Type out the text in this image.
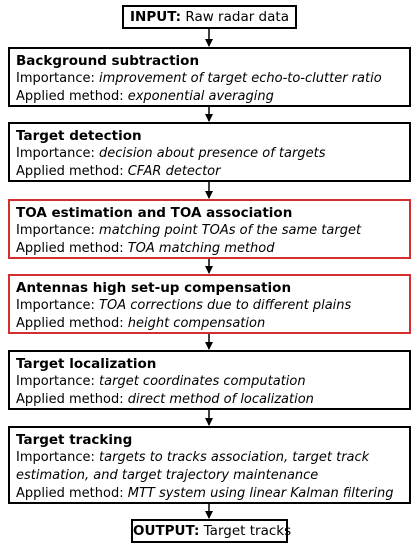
INPUT: Raw radar data
Background subtraction
Importance: improvement of target echo-to-clutter ratio
Applied method: exponential averaging
Target detection
Importance: decision about presence of targets
Applied method: CFAR detector
TOA estimation and TOA association
Importance: matching point TOAs of the same target
Applied method: TOA matching method
Antennas high set-up compensation
Importance: TOA corrections due to different plains
Applied method: height compensation
Target localization
Importance: target coordinates computation
Applied method: direct method of localization
Target tracking
Importance: targets to tracks association, target track estimation, and target trajectory maintenance
Applied method: MTT system using linear Kalman filtering
OUTPUT: Target tracks
